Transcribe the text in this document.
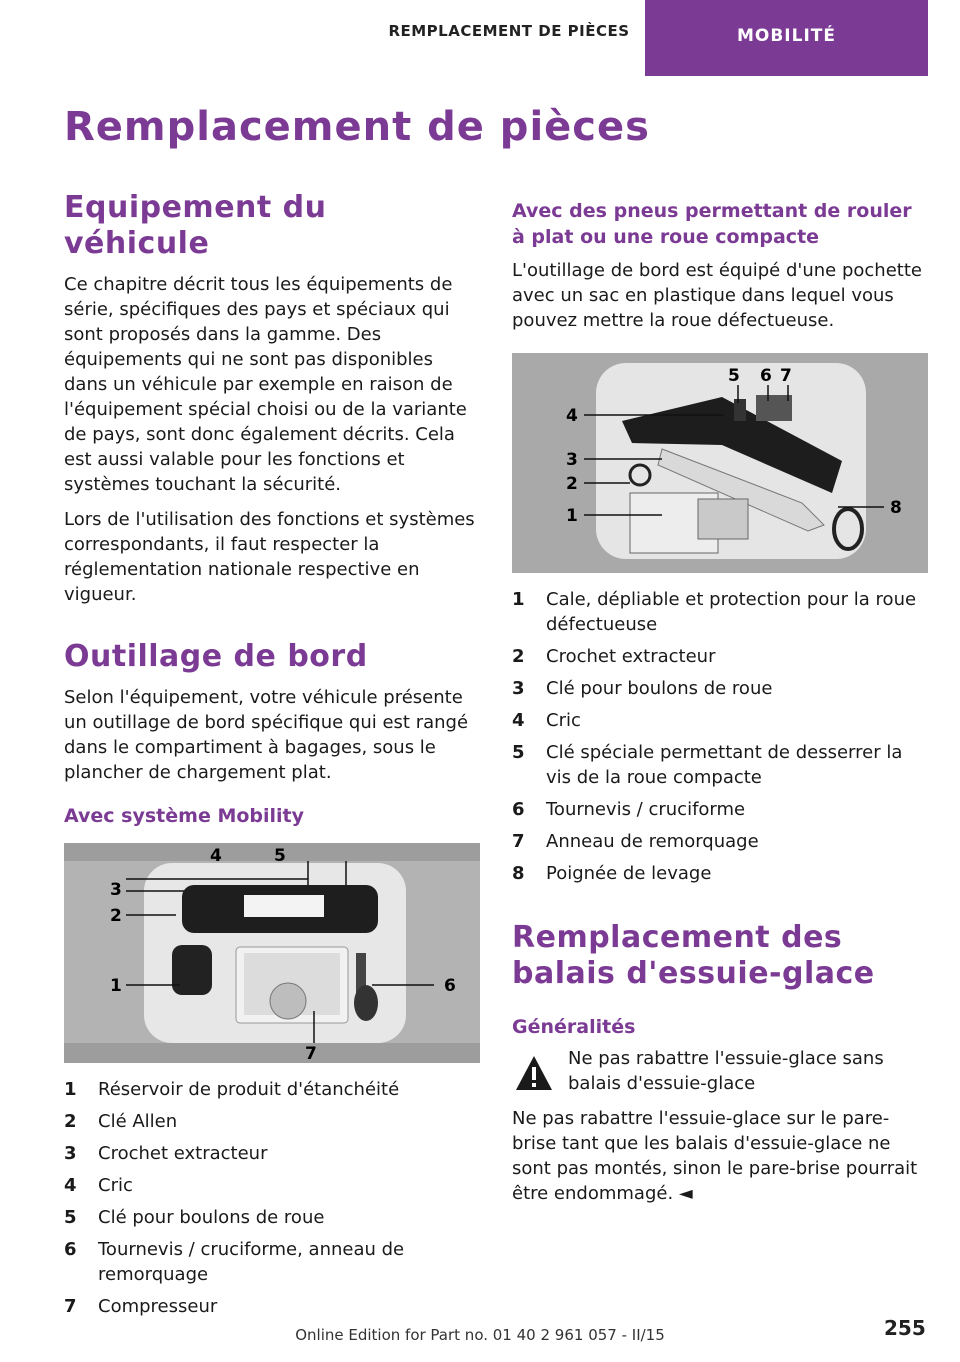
REMPLACEMENT DE PIÈCES	MOBILITÉ
Remplacement de pièces
Equipement du véhicule

Ce chapitre décrit tous les équipements de série, spécifiques des pays et spéciaux qui sont proposés dans la gamme. Des équipements qui ne sont pas disponibles dans un véhicule par exemple en raison de l'équipement spécial choisi ou de la variante de pays, sont donc également décrits. Cela est aussi valable pour les fonctions et systèmes touchant la sécurité.

Lors de l'utilisation des fonctions et systèmes correspondants, il faut respecter la réglementation nationale respective en vigueur.

Outillage de bord

Selon l'équipement, votre véhicule présente un outillage de bord spécifique qui est rangé dans le compartiment à bagages, sous le plancher de chargement plat.

Avec système Mobility
4	5
3
2
1	6
7
1	Réservoir de produit d'étanchéité
2	Clé Allen
3	Crochet extracteur
4	Cric
5	Clé pour boulons de roue
6	Tournevis / cruciforme, anneau de remorquage
7	Compresseur
Avec des pneus permettant de rouler à plat ou une roue compacte

L'outillage de bord est équipé d'une pochette avec un sac en plastique dans lequel vous pouvez mettre la roue défectueuse.

5 6 7
4
3
2
1	8
1	Cale, dépliable et protection pour la roue défectueuse
2	Crochet extracteur
3	Clé pour boulons de roue
4	Cric
5	Clé spéciale permettant de desserrer la vis de la roue compacte
6	Tournevis / cruciforme
7	Anneau de remorquage
8	Poignée de levage
Remplacement des balais d'essuie-glace
Généralités

Ne pas rabattre l'essuie-glace sans balais d'essuie-glace

Ne pas rabattre l'essuie-glace sur le pare-brise tant que les balais d'essuie-glace ne sont pas montés, sinon le pare-brise pourrait être endommagé. ◄

Online Edition for Part no. 01 40 2 961 057 - II/15	255
